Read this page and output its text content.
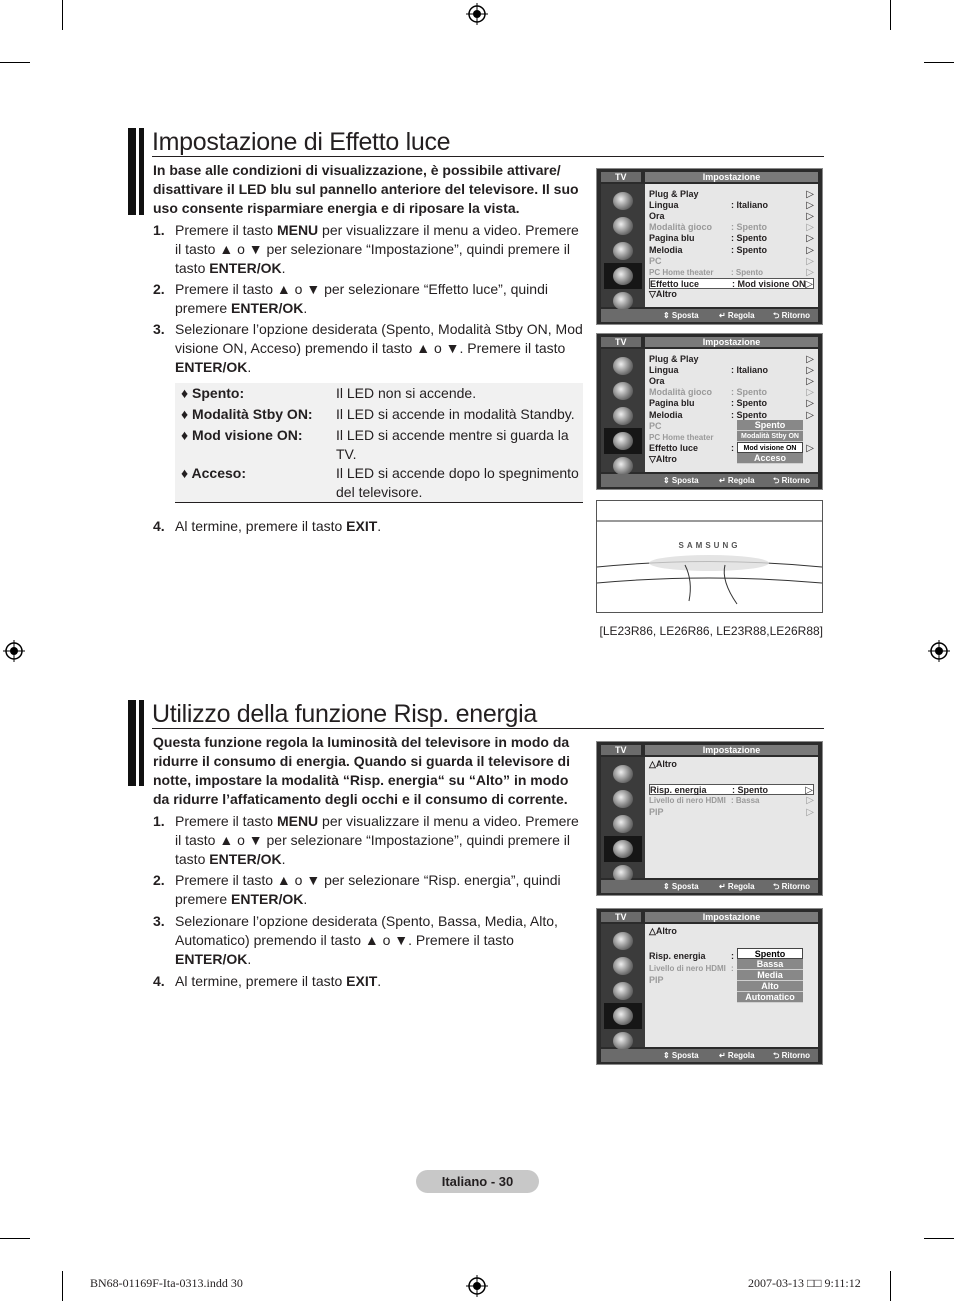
Impostazione di Effetto luce

In base alle condizioni di visualizzazione, è possibile attivare/ disattivare il LED blu sul pannello anteriore del televisore. Il suo uso consente risparmiare energia e di riposare la vista.

1. Premere il tasto MENU per visualizzare il menu a video. Premere il tasto ▲ o ▼ per selezionare “Impostazione”, quindi premere il tasto ENTER/OK.
2. Premere il tasto ▲ o ▼ per selezionare “Effetto luce”, quindi premere ENTER/OK.
3. Selezionare l’opzione desiderata (Spento, Modalità Stby ON, Mod visione ON, Acceso) premendo il tasto ▲ o ▼. Premere il tasto ENTER/OK.
4. Al termine, premere il tasto EXIT.
♦ Spento:	Il LED non si accende.
♦ Modalità Stby ON:	Il LED si accende in modalità Standby.
♦ Mod visione ON:	Il LED si accende mentre si guarda la TV.
♦ Acceso:	Il LED si accende dopo lo spegnimento del televisore.
Utilizzo della funzione Risp. energia

Questa funzione regola la luminosità del televisore in modo da ridurre il consumo di energia. Quando si guarda il televisore di notte, impostare la modalità “Risp. energia“ su “Alto” in modo da ridurre l’affaticamento degli occhi e il consumo di corrente.

1. Premere il tasto MENU per visualizzare il menu a video. Premere il tasto ▲ o ▼ per selezionare “Impostazione”, quindi premere il tasto ENTER/OK.
2. Premere il tasto ▲ o ▼ per selezionare “Risp. energia”, quindi premere ENTER/OK.
3. Selezionare l’opzione desiderata (Spento, Bassa, Media, Alto, Automatico) premendo il tasto ▲ o ▼. Premere il tasto ENTER/OK.
4. Al termine, premere il tasto EXIT.
TV	Impostazione
Plug & Play	▷
Lingua	: Italiano	▷
Ora	▷
Modalità gioco : Spento	▷
Pagina blu	: Spento	▷
Melodia	: Spento	▷
PC	▷
PC Home theater : Spento	▷
Effetto luce	: Mod visione ON ▷
▽Altro
⇕ Sposta	↵ Regola ⮌ Ritorno
TV	Impostazione
Plug & Play	▷
Lingua	: Italiano	▷
Ora	▷
Modalità gioco : Spento	▷
Pagina blu	: Spento	▷
Melodia	: Spento	▷
PC
PC Home theater
Effetto luce	:	▷
▽Altro
Spento
Modalità Stby ON
Mod visione ON
Acceso
⇕ Sposta	↵ Regola ⮌ Ritorno
TV	Impostazione
△Altro
Risp. energia	: Spento	▷
Livello di nero HDMI : Bassa	▷
PIP	▷
⇕ Sposta	↵ Regola ⮌ Ritorno
TV	Impostazione
△Altro
Risp. energia	:
Livello di nero HDMI :
PIP
Spento
Bassa
Media
Alto
Automatico
⇕ Sposta	↵ Regola ⮌ Ritorno
SAMSUNG
[LE23R86, LE26R86, LE23R88,LE26R88]
Italiano - 30
BN68-01169F-Ita-0313.indd 30	2007-03-13 □□ 9:11:12
